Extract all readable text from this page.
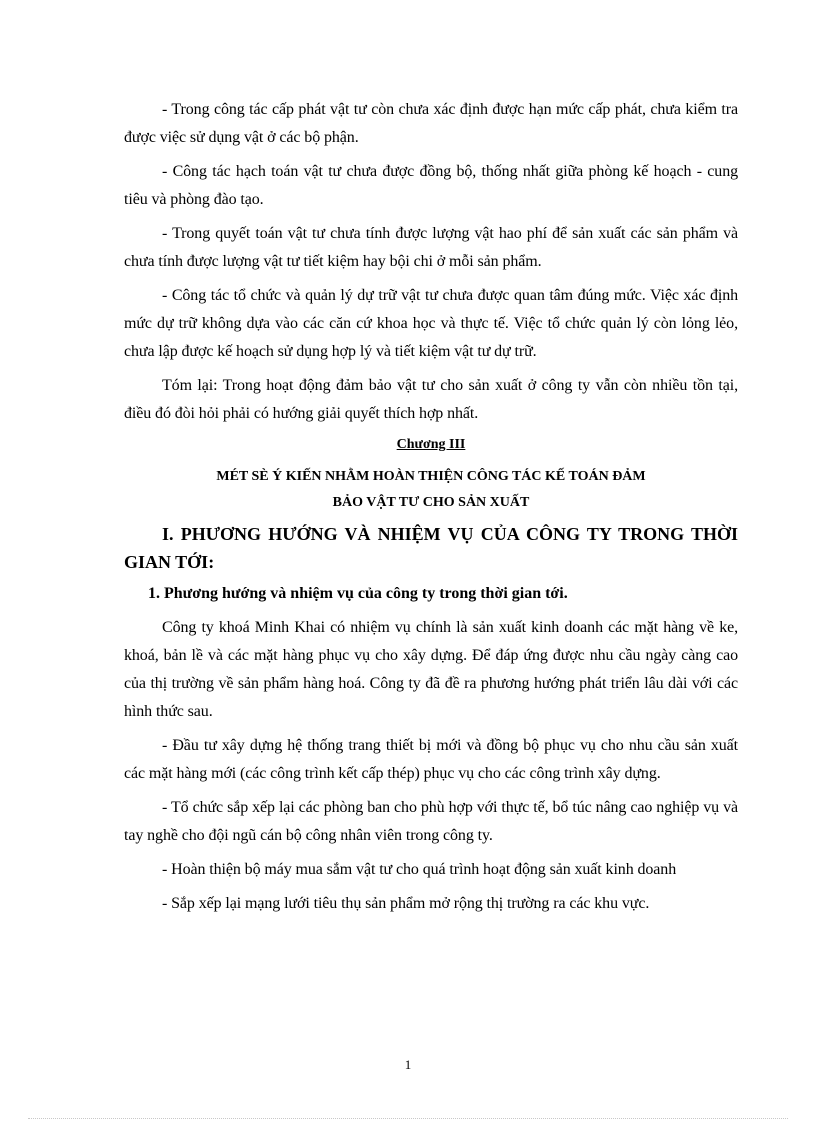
- Trong công tác cấp phát vật tư còn chưa xác định được hạn mức cấp phát, chưa kiểm tra được việc sử dụng vật ở các bộ phận.

- Công tác hạch toán vật tư chưa được đồng bộ, thống nhất giữa phòng kế hoạch - cung tiêu và phòng đào tạo.

- Trong quyết toán vật tư chưa tính được lượng vật hao phí để sản xuất các sản phẩm và chưa tính được lượng vật tư tiết kiệm hay bội chi ở mỗi sản phẩm.

- Công tác tổ chức và quản lý dự trữ vật tư chưa được quan tâm đúng mức. Việc xác định mức dự trữ không dựa vào các căn cứ khoa học và thực tế. Việc tổ chức quản lý còn lỏng lẻo, chưa lập được kế hoạch sử dụng hợp lý và tiết kiệm vật tư dự trữ.

Tóm lại: Trong hoạt động đảm bảo vật tư cho sản xuất ở công ty vẫn còn nhiều tồn tại, điều đó đòi hỏi phải có hướng giải quyết thích hợp nhất.

Chương III
MÉT SÈ Ý KIẾN NHẰM HOÀN THIỆN CÔNG TÁC KẾ TOÁN ĐẢM
BẢO VẬT TƯ CHO SẢN XUẤT
I. PHƯƠNG HƯỚNG VÀ NHIỆM VỤ CỦA CÔNG TY TRONG THỜI GIAN TỚI:
1. Phương hướng và nhiệm vụ của công ty trong thời gian tới.

Công ty khoá Minh Khai có nhiệm vụ chính là sản xuất kinh doanh các mặt hàng về ke, khoá, bản lề và các mặt hàng phục vụ cho xây dựng. Để đáp ứng được nhu cầu ngày càng cao của thị trường về sản phẩm hàng hoá. Công ty đã đề ra phương hướng phát triển lâu dài với các hình thức sau.

- Đầu tư xây dựng hệ thống trang thiết bị mới và đồng bộ phục vụ cho nhu cầu sản xuất các mặt hàng mới (các công trình kết cấp thép) phục vụ cho các công trình xây dựng.

- Tổ chức sắp xếp lại các phòng ban cho phù hợp với thực tế, bổ túc nâng cao nghiệp vụ và tay nghề cho đội ngũ cán bộ công nhân viên trong công ty.

- Hoàn thiện bộ máy mua sắm vật tư cho quá trình hoạt động sản xuất kinh doanh

- Sắp xếp lại mạng lưới tiêu thụ sản phẩm mở rộng thị trường ra các khu vực.

1
